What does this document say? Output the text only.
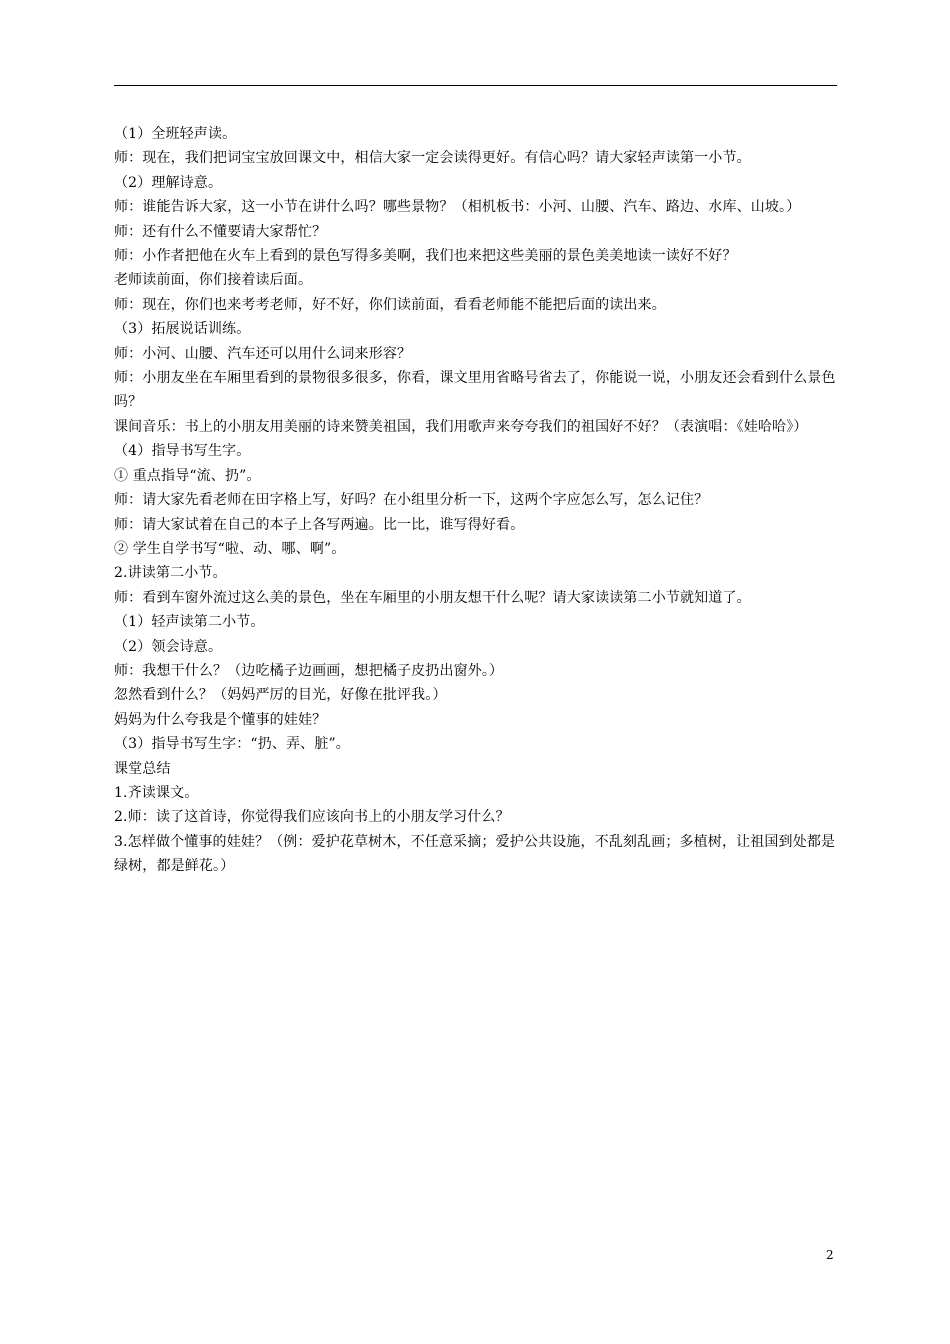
（1）全班轻声读。

师：现在，我们把词宝宝放回课文中，相信大家一定会读得更好。有信心吗？请大家轻声读第一小节。

（2）理解诗意。

师：谁能告诉大家，这一小节在讲什么吗？哪些景物？（相机板书：小河、山腰、汽车、路边、水库、山坡。）

师：还有什么不懂要请大家帮忙？

师：小作者把他在火车上看到的景色写得多美啊，我们也来把这些美丽的景色美美地读一读好不好？

老师读前面，你们接着读后面。

师：现在，你们也来考考老师，好不好，你们读前面，看看老师能不能把后面的读出来。

（3）拓展说话训练。

师：小河、山腰、汽车还可以用什么词来形容？

师：小朋友坐在车厢里看到的景物很多很多，你看，课文里用省略号省去了，你能说一说，小朋友还会看到什么景色吗？

课间音乐：书上的小朋友用美丽的诗来赞美祖国，我们用歌声来夸夸我们的祖国好不好？（表演唱：《娃哈哈》）

（4）指导书写生字。

① 重点指导“流、扔”。

师：请大家先看老师在田字格上写，好吗？在小组里分析一下，这两个字应怎么写，怎么记住？

师：请大家试着在自己的本子上各写两遍。比一比，谁写得好看。

② 学生自学书写“啦、动、哪、啊”。

2.讲读第二小节。

师：看到车窗外流过这么美的景色，坐在车厢里的小朋友想干什么呢？请大家读读第二小节就知道了。

（1）轻声读第二小节。

（2）领会诗意。

师：我想干什么？（边吃橘子边画画，想把橘子皮扔出窗外。）

忽然看到什么？（妈妈严厉的目光，好像在批评我。）

妈妈为什么夸我是个懂事的娃娃？

（3）指导书写生字：“扔、弄、脏”。

课堂总结

1.齐读课文。

2.师：读了这首诗，你觉得我们应该向书上的小朋友学习什么？

3.怎样做个懂事的娃娃？（例：爱护花草树木，不任意采摘；爱护公共设施，不乱刻乱画；多植树，让祖国到处都是绿树，都是鲜花。）

2
